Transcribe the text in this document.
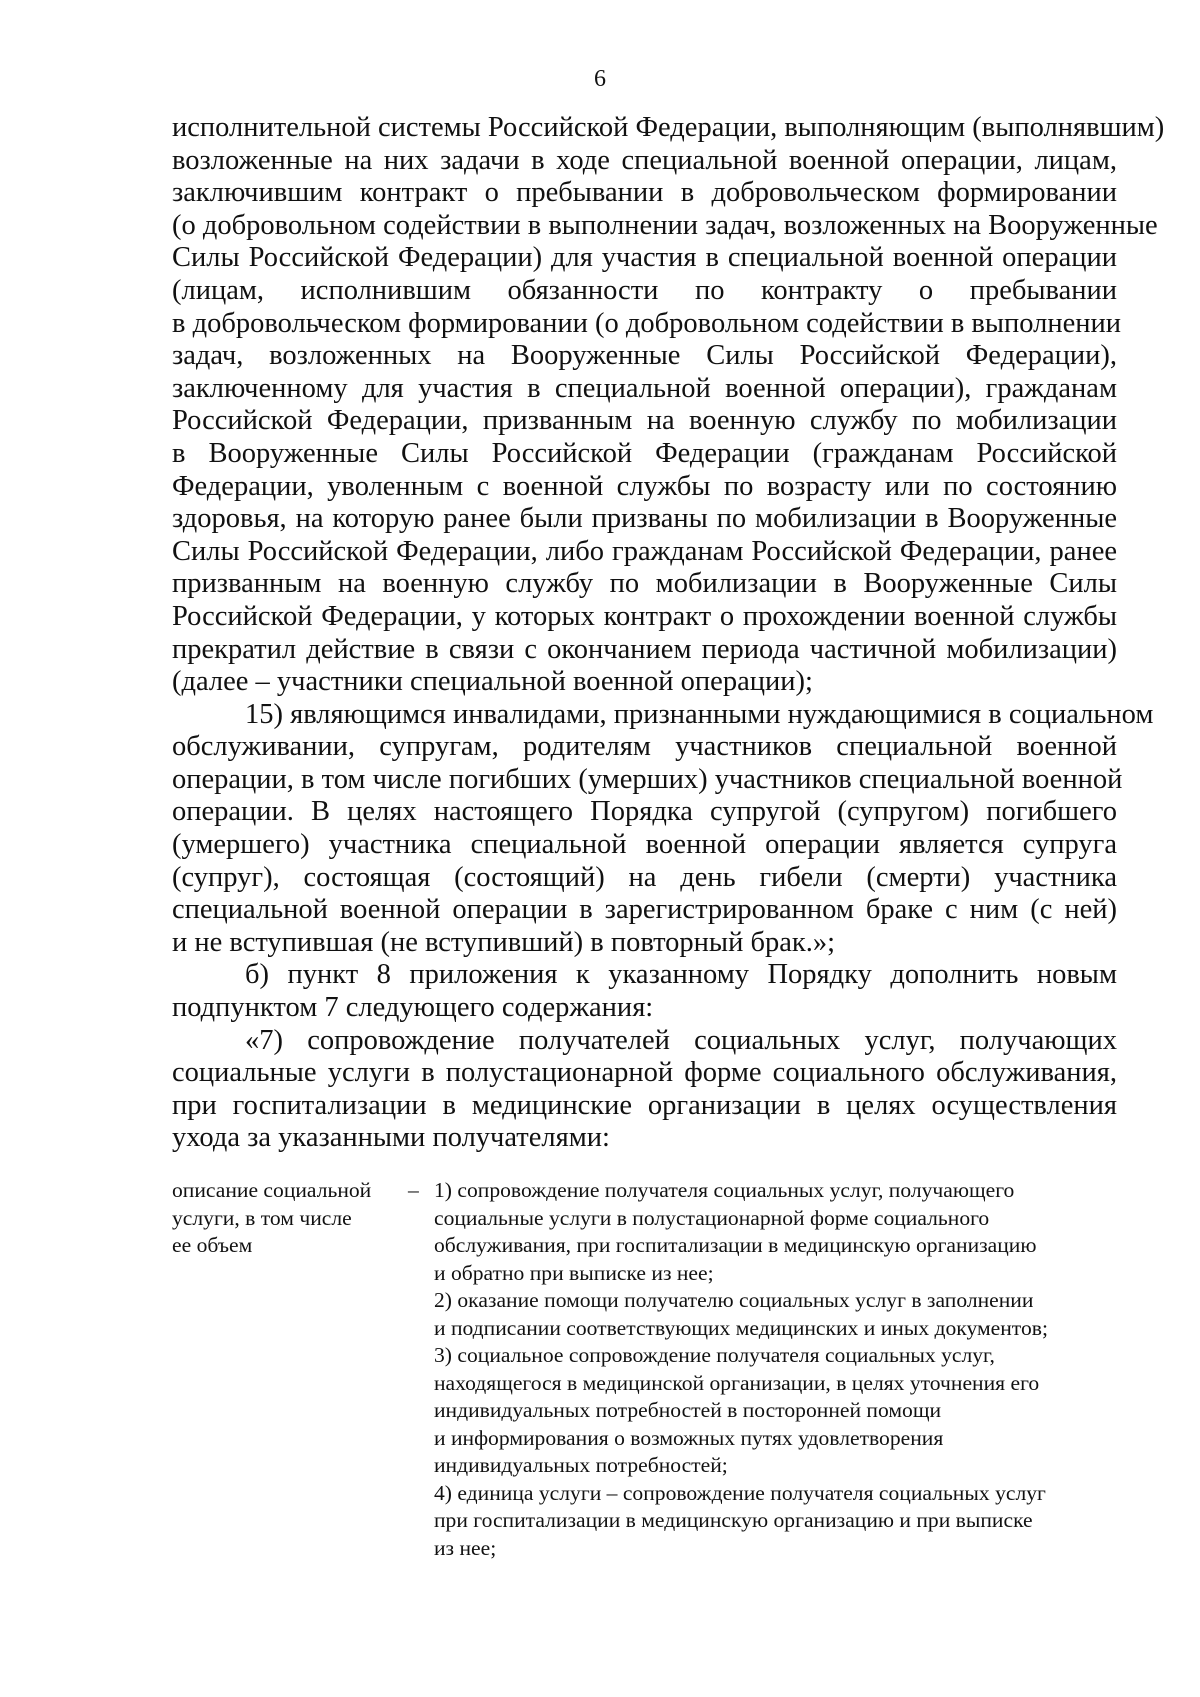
6
исполнительной системы Российской Федерации, выполняющим (выполнявшим)
возложенные на них задачи в ходе специальной военной операции, лицам,
заключившим контракт о пребывании в добровольческом формировании
(о добровольном содействии в выполнении задач, возложенных на Вооруженные
Силы Российской Федерации) для участия в специальной военной операции
(лицам, исполнившим обязанности по контракту о пребывании
в добровольческом формировании (о добровольном содействии в выполнении
задач, возложенных на Вооруженные Силы Российской Федерации),
заключенному для участия в специальной военной операции), гражданам
Российской Федерации, призванным на военную службу по мобилизации
в Вооруженные Силы Российской Федерации (гражданам Российской
Федерации, уволенным с военной службы по возрасту или по состоянию
здоровья, на которую ранее были призваны по мобилизации в Вооруженные
Силы Российской Федерации, либо гражданам Российской Федерации, ранее
призванным на военную службу по мобилизации в Вооруженные Силы
Российской Федерации, у которых контракт о прохождении военной службы
прекратил действие в связи с окончанием периода частичной мобилизации)
(далее – участники специальной военной операции);
15) являющимся инвалидами, признанными нуждающимися в социальном
обслуживании, супругам, родителям участников специальной военной
операции, в том числе погибших (умерших) участников специальной военной
операции. В целях настоящего Порядка супругой (супругом) погибшего
(умершего) участника специальной военной операции является супруга
(супруг), состоящая (состоящий) на день гибели (смерти) участника
специальной военной операции в зарегистрированном браке с ним (с ней)
и не вступившая (не вступивший) в повторный брак.»;
б) пункт 8 приложения к указанному Порядку дополнить новым
подпунктом 7 следующего содержания:
«7) сопровождение получателей социальных услуг, получающих
социальные услуги в полустационарной форме социального обслуживания,
при госпитализации в медицинские организации в целях осуществления
ухода за указанными получателями:
описание социальной
услуги, в том числе
ее объем
– 1) сопровождение получателя социальных услуг, получающего
социальные услуги в полустационарной форме социального
обслуживания, при госпитализации в медицинскую организацию
и обратно при выписке из нее;
2) оказание помощи получателю социальных услуг в заполнении
и подписании соответствующих медицинских и иных документов;
3) социальное сопровождение получателя социальных услуг,
находящегося в медицинской организации, в целях уточнения его
индивидуальных потребностей в посторонней помощи
и информирования о возможных путях удовлетворения
индивидуальных потребностей;
4) единица услуги – сопровождение получателя социальных услуг
при госпитализации в медицинскую организацию и при выписке
из нее;
